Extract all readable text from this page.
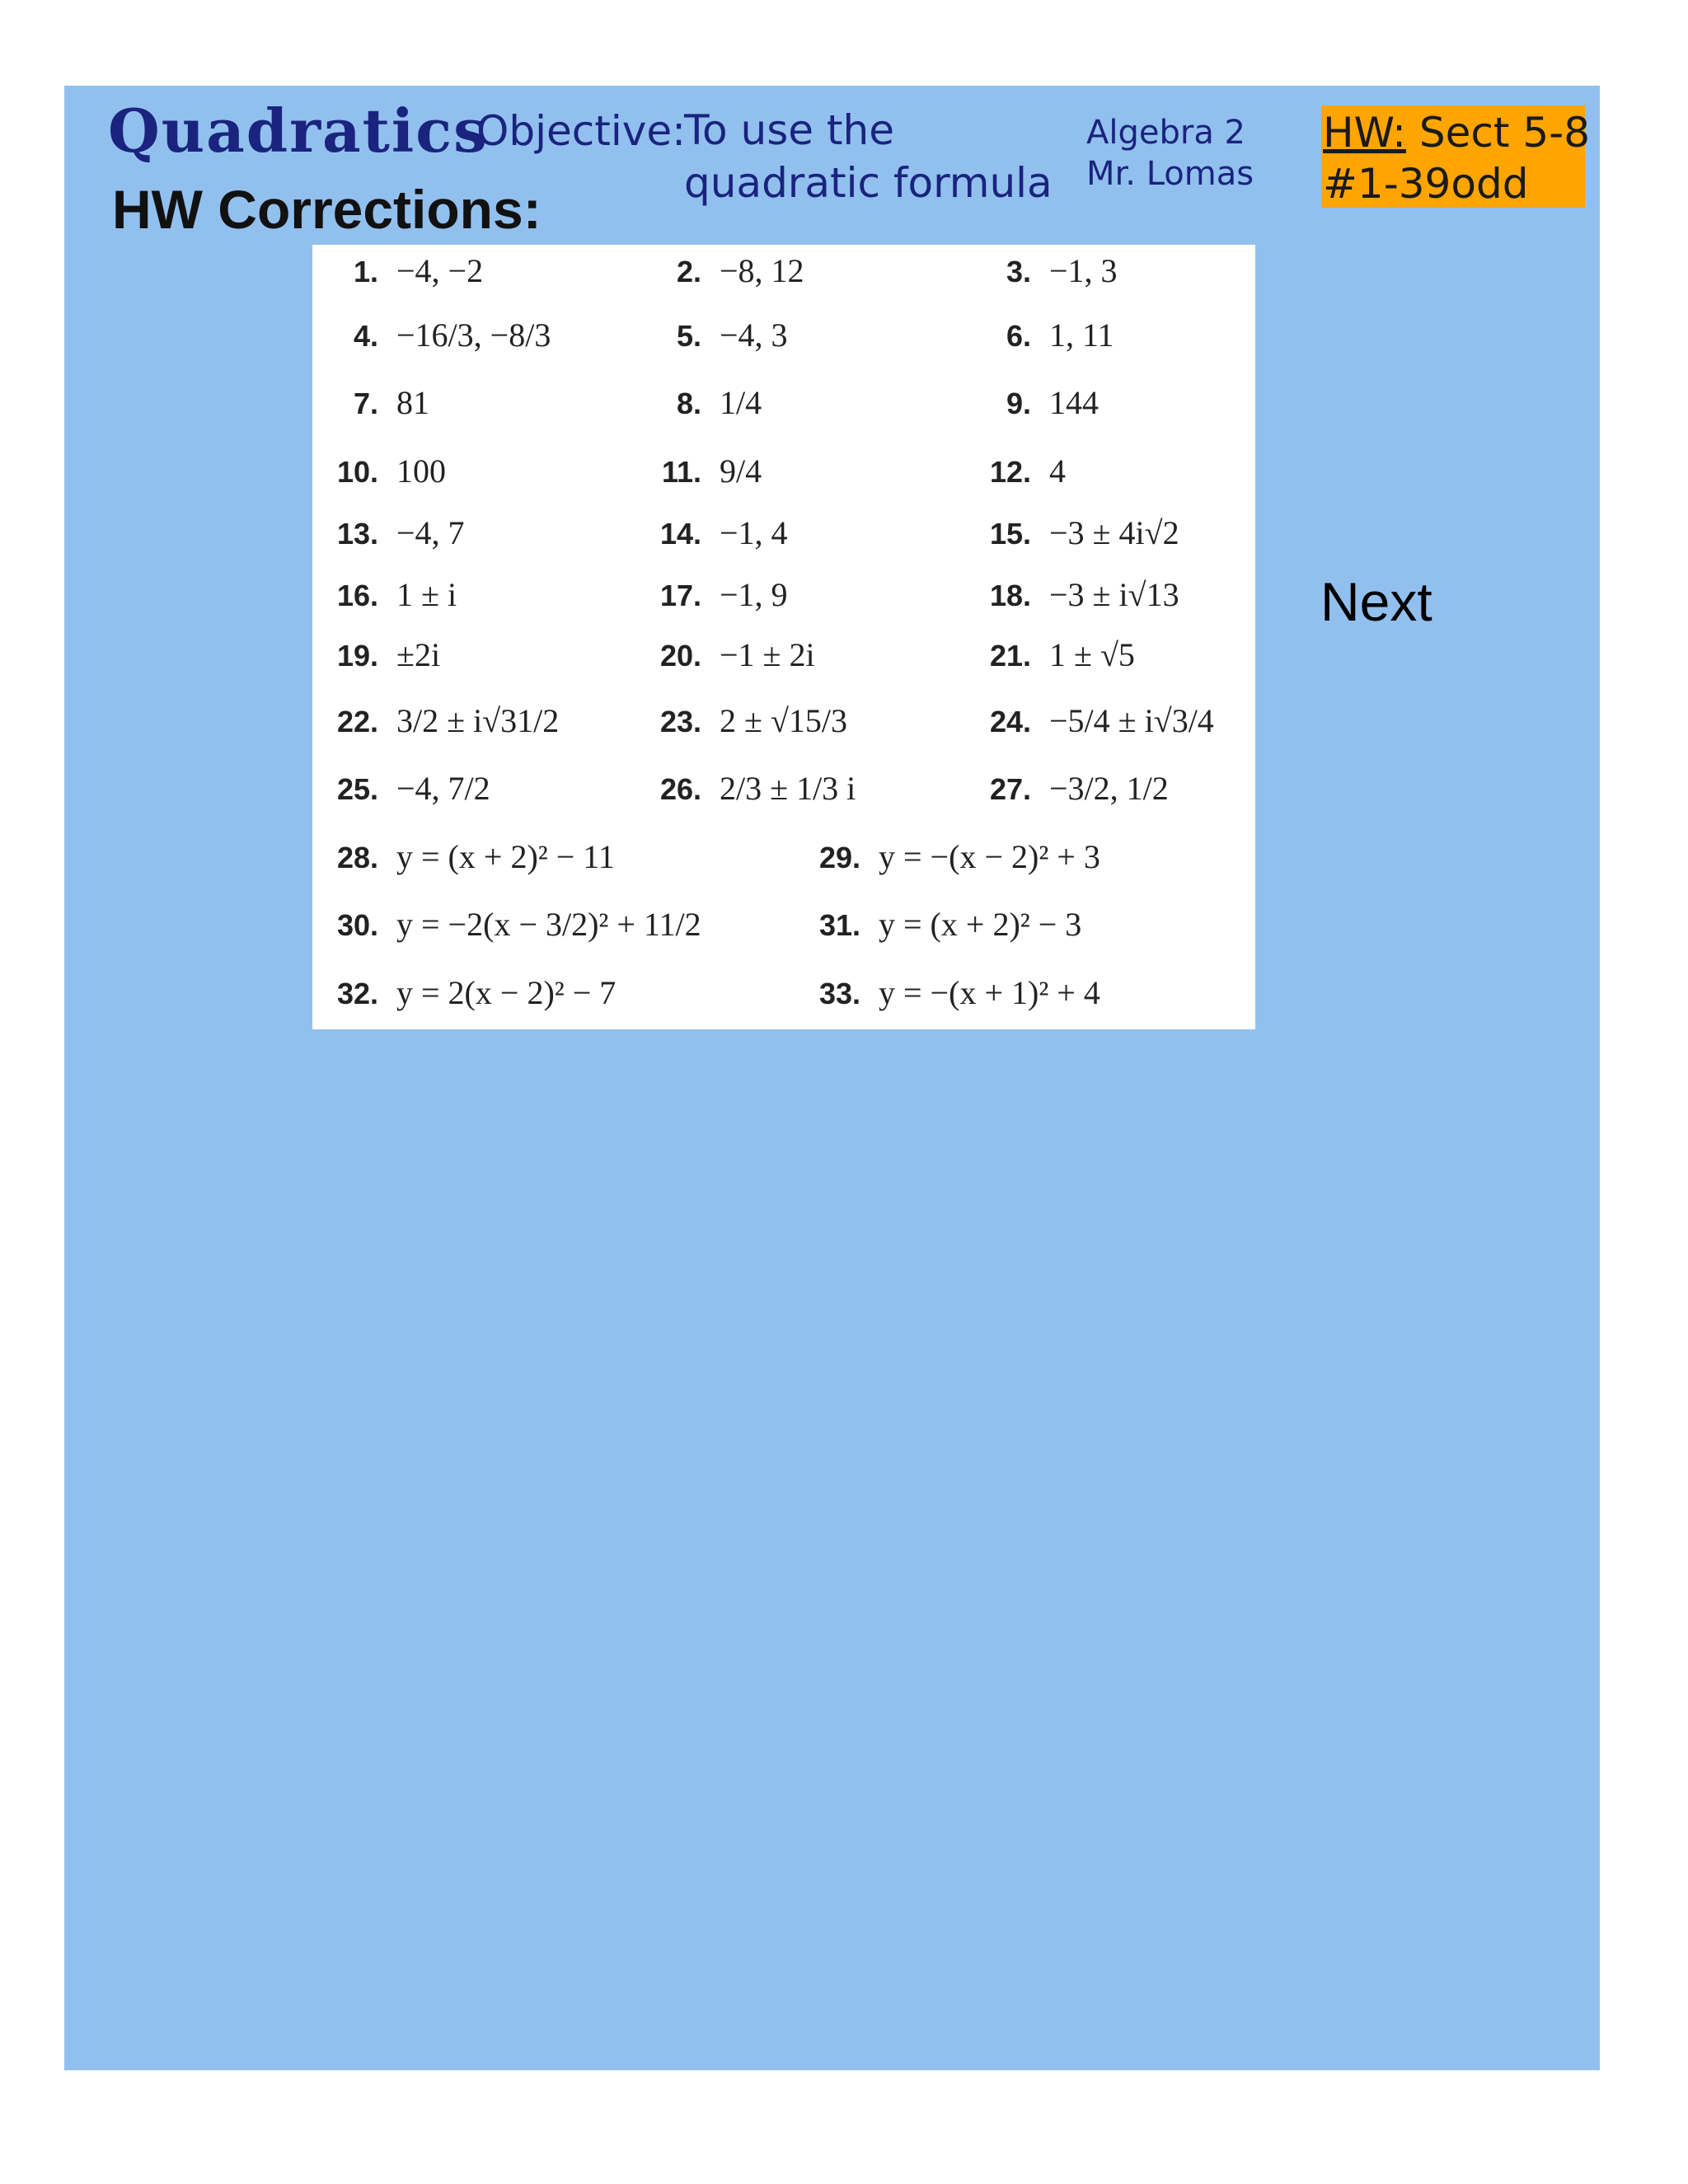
Quadratics
HW Corrections:
Objective:
To use the
quadratic formula
Algebra 2
Mr. Lomas
HW: Sect 5-8
#1-39odd
Next
1. −4, −2	2. −8, 12	3. −1, 3
4. −16/3, −8/3	5. −4, 3	6. 1, 11
7. 81	8. 1/4	9. 144
10. 100	11. 9/4	12. 4
13. −4, 7	14. −1, 4	15. −3 ± 4i√2
16. 1 ± i	17. −1, 9	18. −3 ± i√13
19. ±2i	20. −1 ± 2i	21. 1 ± √5
22. 3/2 ± i√31/2	23. 2 ± √15/3	24. −5/4 ± i√3/4
25. −4, 7/2	26. 2/3 ± 1/3 i	27. −3/2, 1/2
28. y = (x + 2)² − 11	29. y = −(x − 2)² + 3
30. y = −2(x − 3/2)² + 11/2	31. y = (x + 2)² − 3
32. y = 2(x − 2)² − 7	33. y = −(x + 1)² + 4
